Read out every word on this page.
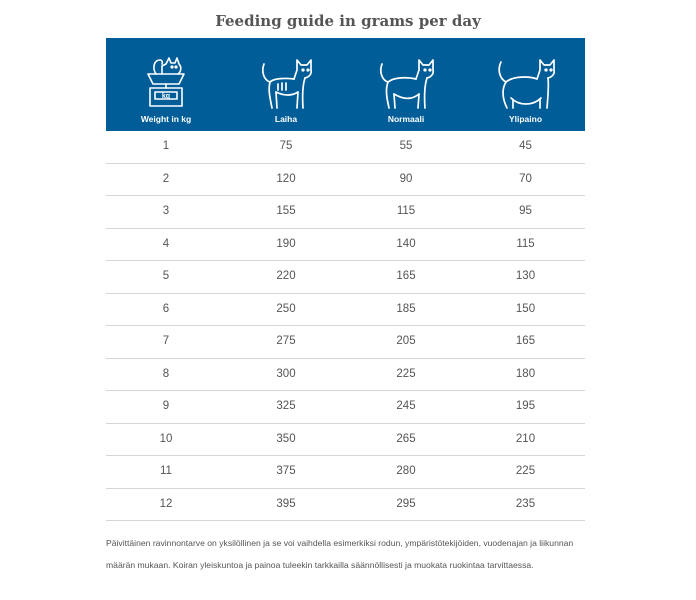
Feeding guide in grams per day
kg
Weight in kg	Laiha	Normaali	Ylipaino
1	75	55	45
2	120	90	70
3	155	115	95
4	190	140	115
5	220	165	130
6	250	185	150
7	275	205	165
8	300	225	180
9	325	245	195
10	350	265	210
11	375	280	225
12	395	295	235
Päivittäinen ravinnontarve on yksilöllinen ja se voi vaihdella esimerkiksi rodun, ympäristötekijöiden, vuodenajan ja liikunnan määrän mukaan. Koiran yleiskuntoa ja painoa tuleekin tarkkailla säännöllisesti ja muokata ruokintaa tarvittaessa.
